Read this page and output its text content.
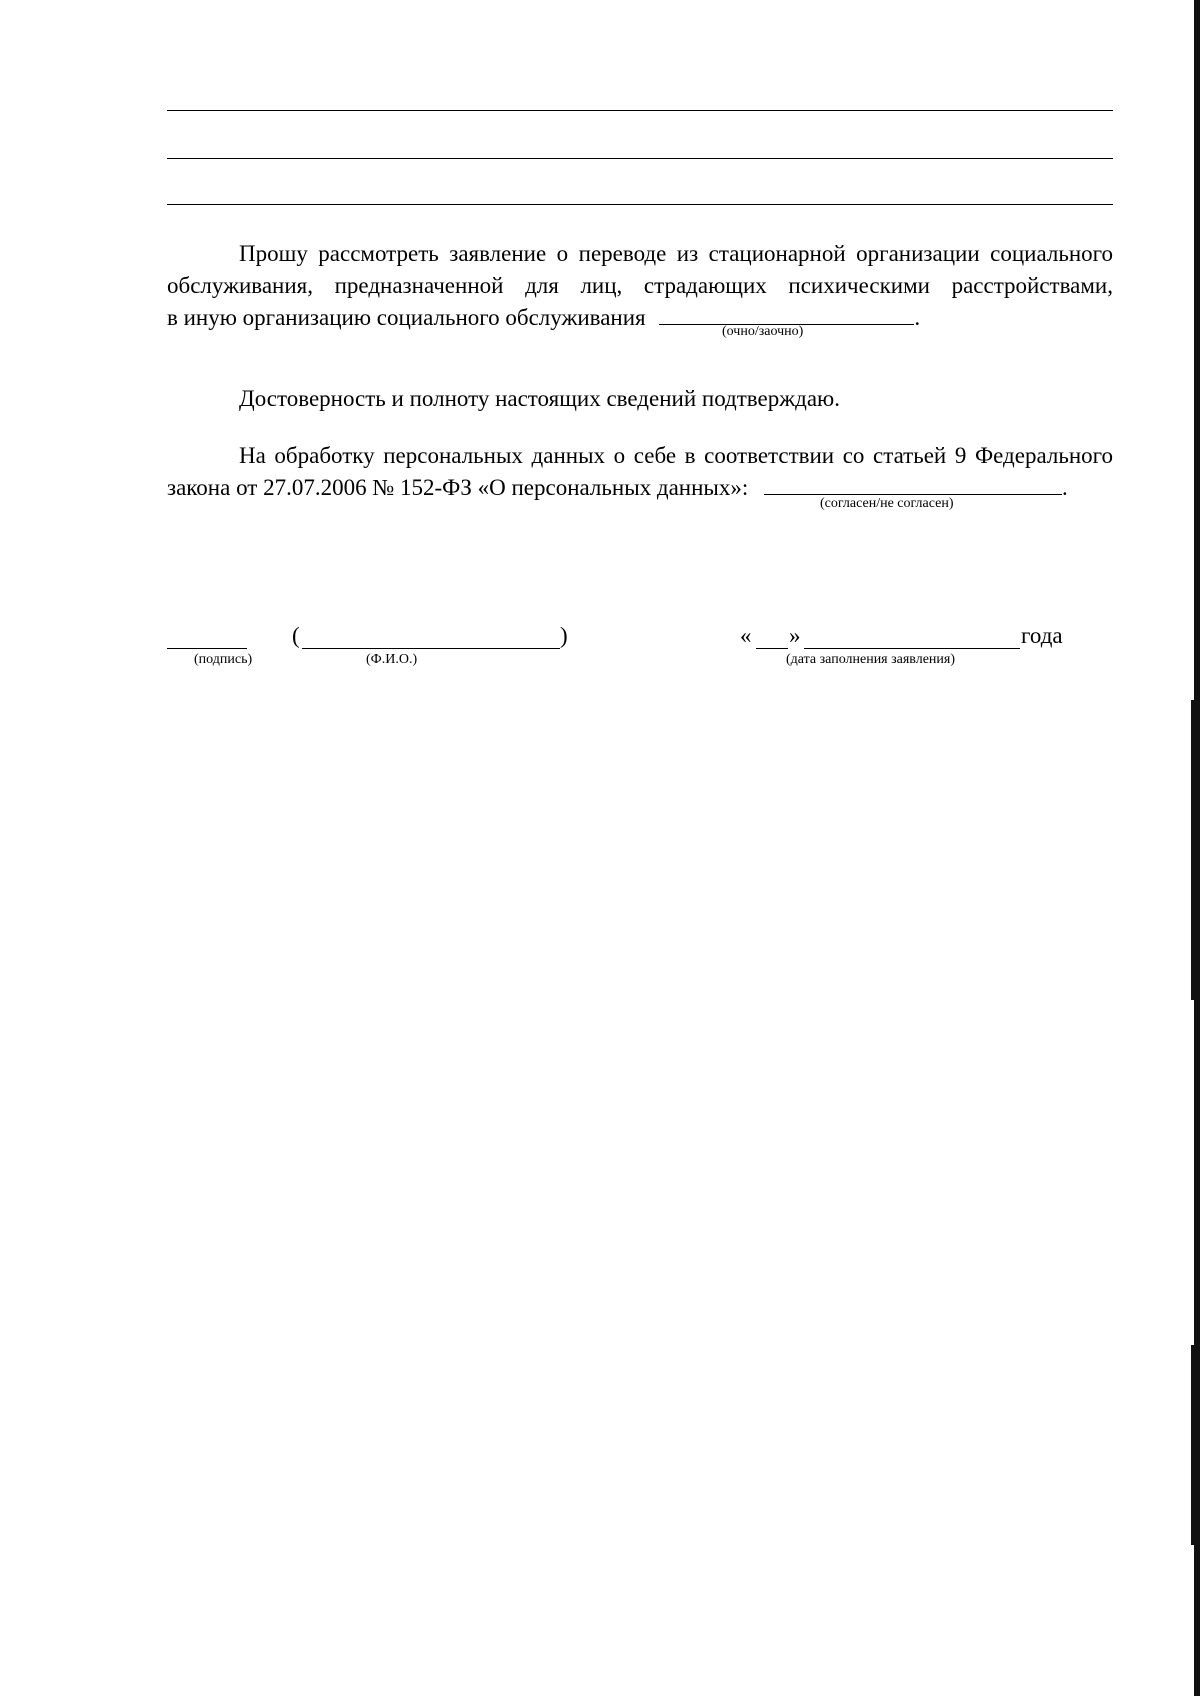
Прошу рассмотреть заявление о переводе из стационарной организации социального
обслуживания, предназначенной для лиц, страдающих психическими расстройствами,
в иную организацию социального обслуживания	.
(очно/заочно)
Достоверность и полноту настоящих сведений подтверждаю.
На обработку персональных данных о себе в соответствии со статьей 9 Федерального
закона от 27.07.2006 № 152-ФЗ «О персональных данных»:	.
(согласен/не согласен)
(подпись)
(	)
(Ф.И.О.)
« »	года
(дата заполнения заявления)
